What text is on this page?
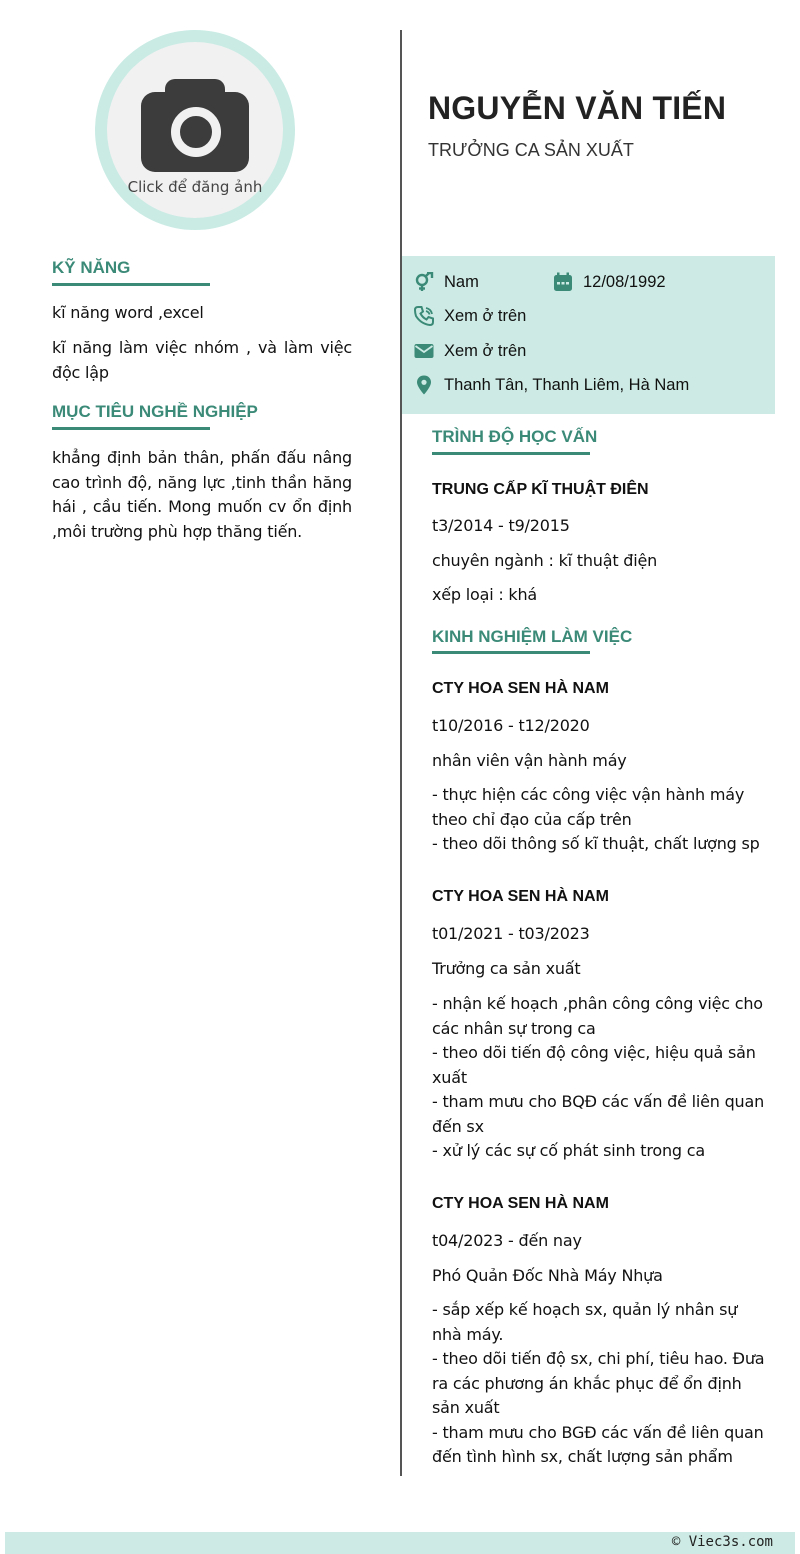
Click để đăng ảnh
KỸ NĂNG
kĩ năng word ,excel
kĩ năng làm việc nhóm , và làm việc độc lập
MỤC TIÊU NGHỀ NGHIỆP
khẳng định bản thân, phấn đấu nâng cao trình độ, năng lực ,tinh thần hăng hái , cầu tiến. Mong muốn cv ổn định ,môi trường phù hợp thăng tiến.
NGUYỄN VĂN TIẾN
TRƯỞNG CA SẢN XUẤT
Nam	12/08/1992
Xem ở trên
Xem ở trên
Thanh Tân, Thanh Liêm, Hà Nam
TRÌNH ĐỘ HỌC VẤN
TRUNG CẤP KĨ THUẬT ĐIÊN
t3/2014 - t9/2015
chuyên ngành : kĩ thuật điện
xếp loại : khá
KINH NGHIỆM LÀM VIỆC
CTY HOA SEN HÀ NAM
t10/2016 - t12/2020
nhân viên vận hành máy
- thực hiện các công việc vận hành máy theo chỉ đạo của cấp trên
- theo dõi thông số kĩ thuật, chất lượng sp
CTY HOA SEN HÀ NAM
t01/2021 - t03/2023
Trưởng ca sản xuất
- nhận kế hoạch ,phân công công việc cho các nhân sự trong ca
- theo dõi tiến độ công việc, hiệu quả sản xuất
- tham mưu cho BQĐ các vấn đề liên quan đến sx
- xử lý các sự cố phát sinh trong ca
CTY HOA SEN HÀ NAM
t04/2023 - đến nay
Phó Quản Đốc Nhà Máy Nhựa
- sắp xếp kế hoạch sx, quản lý nhân sự nhà máy.
- theo dõi tiến độ sx, chi phí, tiêu hao. Đưa ra các phương án khắc phục để ổn định sản xuất
- tham mưu cho BGĐ các vấn đề liên quan đến tình hình sx, chất lượng sản phẩm
© Viec3s.com
